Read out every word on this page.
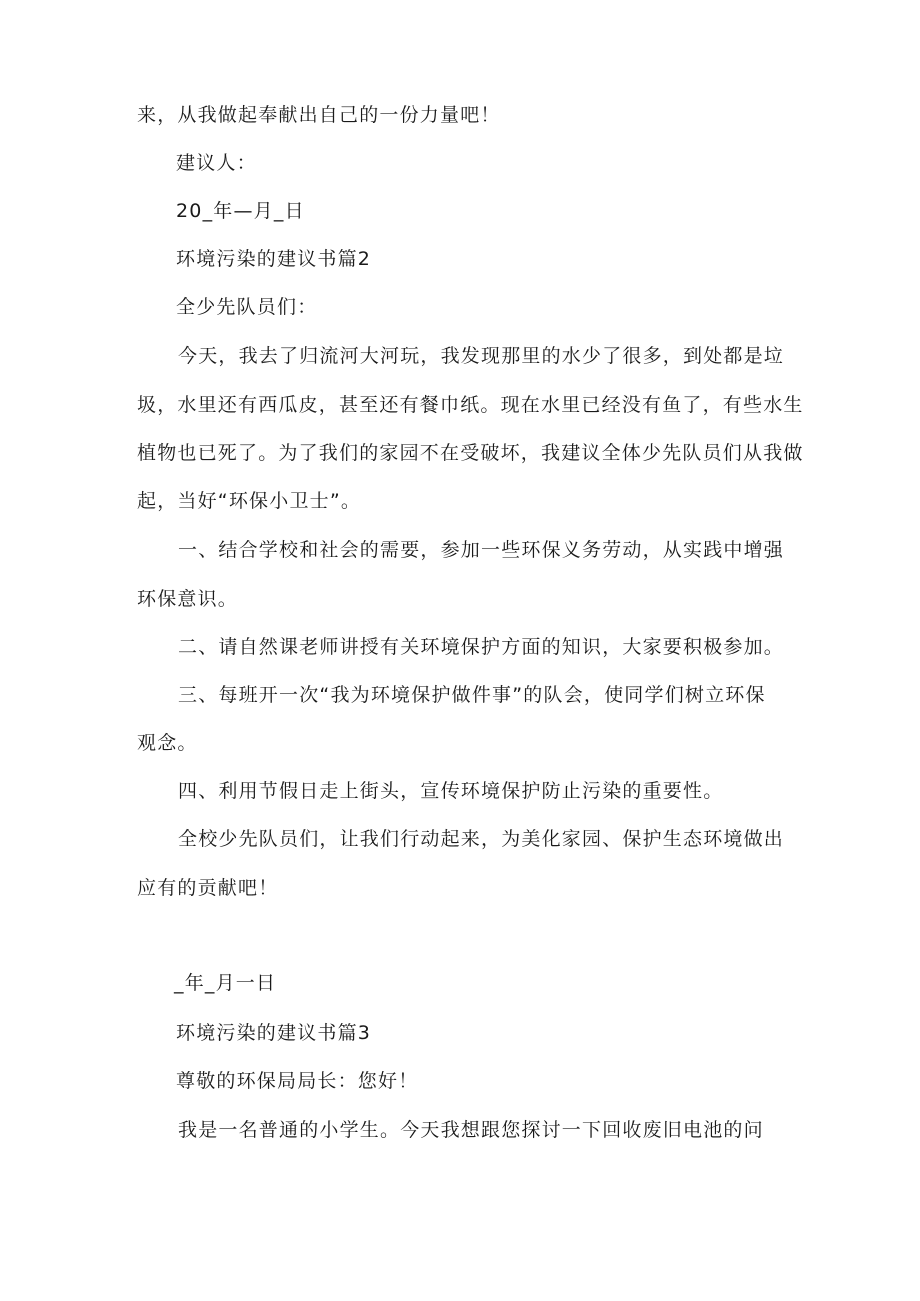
来，从我做起奉献出自己的一份力量吧！
建议人：
20_年—月_日
环境污染的建议书篇2
全少先队员们：
今天，我去了归流河大河玩，我发现那里的水少了很多，到处都是垃
圾，水里还有西瓜皮，甚至还有餐巾纸。现在水里已经没有鱼了，有些水生
植物也已死了。为了我们的家园不在受破坏，我建议全体少先队员们从我做
起，当好“环保小卫士”。
一、结合学校和社会的需要，参加一些环保义务劳动，从实践中增强
环保意识。
二、请自然课老师讲授有关环境保护方面的知识，大家要积极参加。
三、每班开一次“我为环境保护做件事”的队会，使同学们树立环保
观念。
四、利用节假日走上街头，宣传环境保护防止污染的重要性。
全校少先队员们，让我们行动起来，为美化家园、保护生态环境做出
应有的贡献吧！
_年_月一日
环境污染的建议书篇3
尊敬的环保局局长：您好！
我是一名普通的小学生。今天我想跟您探讨一下回收废旧电池的问
